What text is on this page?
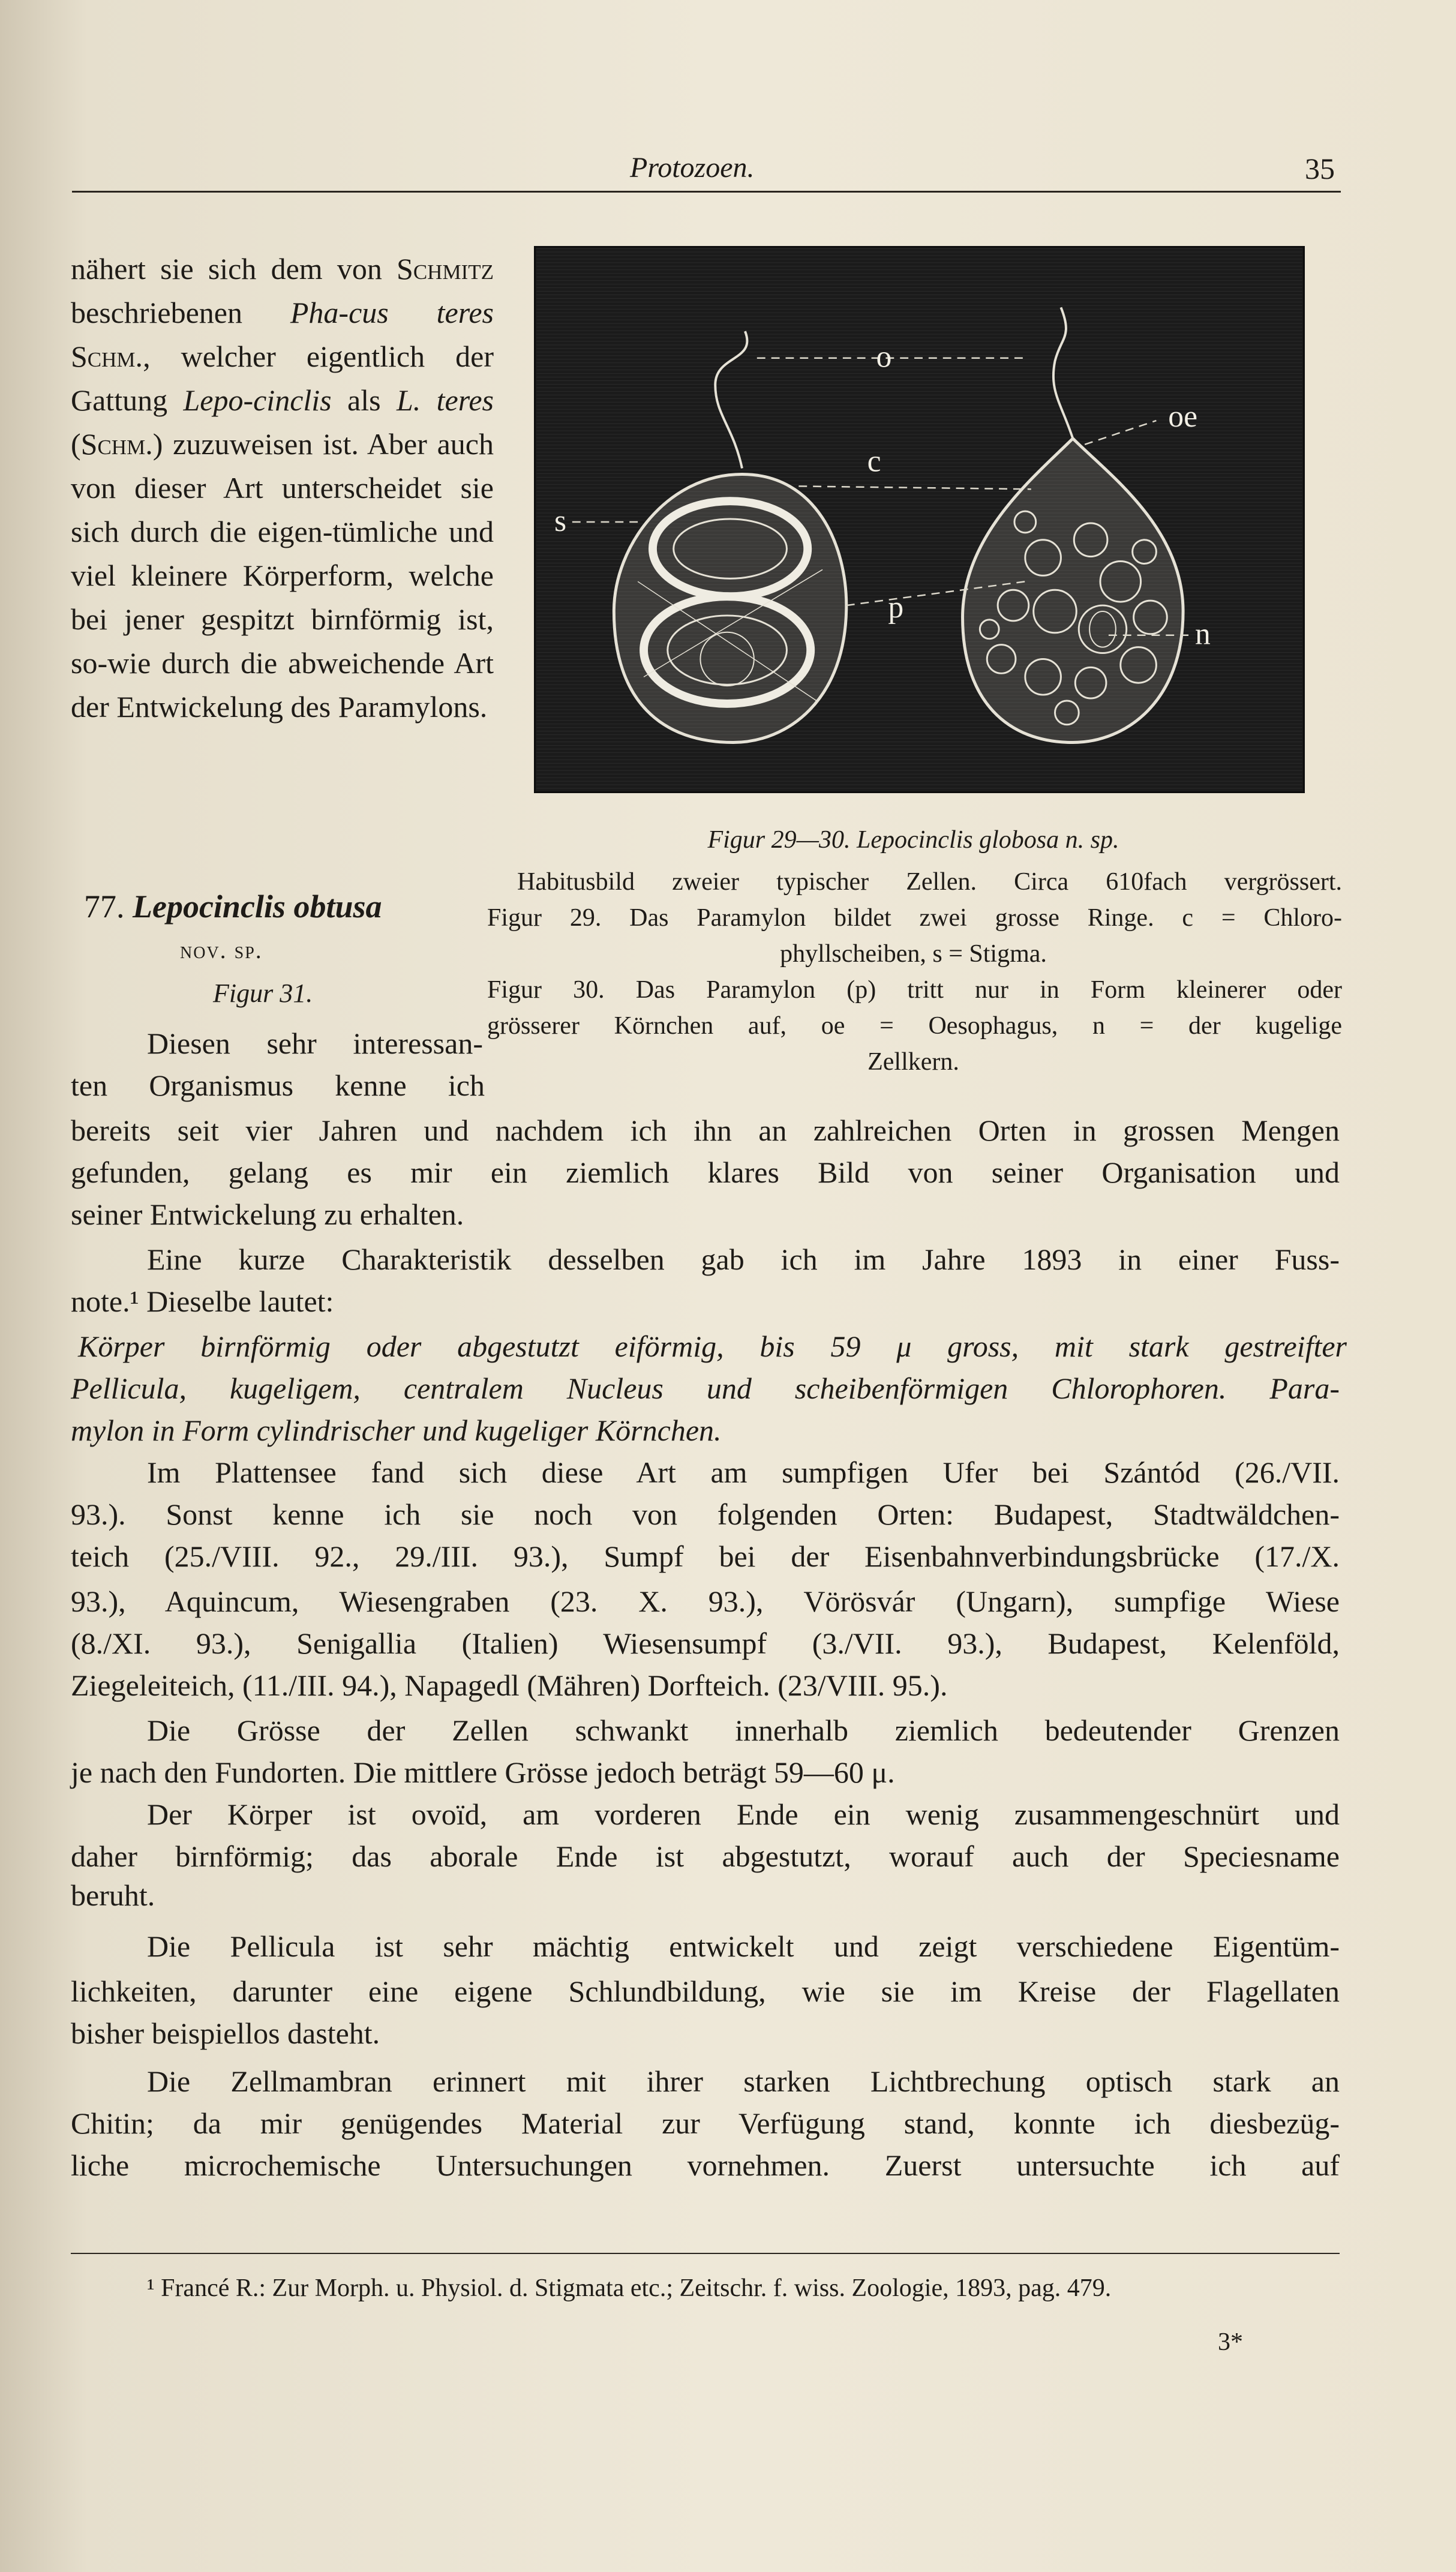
Protozoen.	35

nähert sie sich dem von Schmitz beschriebenen Pha-cus teres Schm., welcher eigentlich der Gattung Lepo-cinclis als L. teres (Schm.) zuzuweisen ist. Aber auch von dieser Art unterscheidet sie sich durch die eigen-tümliche und viel kleinere Körperform, welche bei jener gespitzt birnförmig ist, so-wie durch die abweichende Art der Entwickelung des Paramylons.

o
oe
c
s
p
n
Figur 29—30. Lepocinclis globosa n. sp.
Habitusbild zweier typischer Zellen. Circa 610fach vergrössert.
Figur 29. Das Paramylon bildet zwei grosse Ringe. c = Chloro-
phyllscheiben, s = Stigma.
Figur 30. Das Paramylon (p) tritt nur in Form kleinerer oder
grösserer Körnchen auf, oe = Oesophagus, n = der kugelige
Zellkern.
77. Lepocinclis obtusa
nov. sp.
Figur 31.
Diesen sehr interessan-
ten Organismus kenne ich
bereits seit vier Jahren und nachdem ich ihn an zahlreichen Orten in grossen Mengen
gefunden, gelang es mir ein ziemlich klares Bild von seiner Organisation und
seiner Entwickelung zu erhalten.
Eine kurze Charakteristik desselben gab ich im Jahre 1893 in einer Fuss-
note.¹ Dieselbe lautet:
Körper birnförmig oder abgestutzt eiförmig, bis 59 μ gross, mit stark gestreifter
Pellicula, kugeligem, centralem Nucleus und scheibenförmigen Chlorophoren. Para-
mylon in Form cylindrischer und kugeliger Körnchen.
Im Plattensee fand sich diese Art am sumpfigen Ufer bei Szántód (26./VII.
93.). Sonst kenne ich sie noch von folgenden Orten: Budapest, Stadtwäldchen-
teich (25./VIII. 92., 29./III. 93.), Sumpf bei der Eisenbahnverbindungsbrücke (17./X.
93.), Aquincum, Wiesengraben (23. X. 93.), Vörösvár (Ungarn), sumpfige Wiese
(8./XI. 93.), Senigallia (Italien) Wiesensumpf (3./VII. 93.), Budapest, Kelenföld,
Ziegeleiteich, (11./III. 94.), Napagedl (Mähren) Dorfteich. (23/VIII. 95.).
Die Grösse der Zellen schwankt innerhalb ziemlich bedeutender Grenzen
je nach den Fundorten. Die mittlere Grösse jedoch beträgt 59—60 μ.
Der Körper ist ovoïd, am vorderen Ende ein wenig zusammengeschnürt und
daher birnförmig; das aborale Ende ist abgestutzt, worauf auch der Speciesname
beruht.
Die Pellicula ist sehr mächtig entwickelt und zeigt verschiedene Eigentüm-
lichkeiten, darunter eine eigene Schlundbildung, wie sie im Kreise der Flagellaten
bisher beispiellos dasteht.
Die Zellmambran erinnert mit ihrer starken Lichtbrechung optisch stark an
Chitin; da mir genügendes Material zur Verfügung stand, konnte ich diesbezüg-
liche microchemische Untersuchungen vornehmen. Zuerst untersuchte ich auf
¹ Francé R.: Zur Morph. u. Physiol. d. Stigmata etc.; Zeitschr. f. wiss. Zoologie, 1893, pag. 479.
3*
